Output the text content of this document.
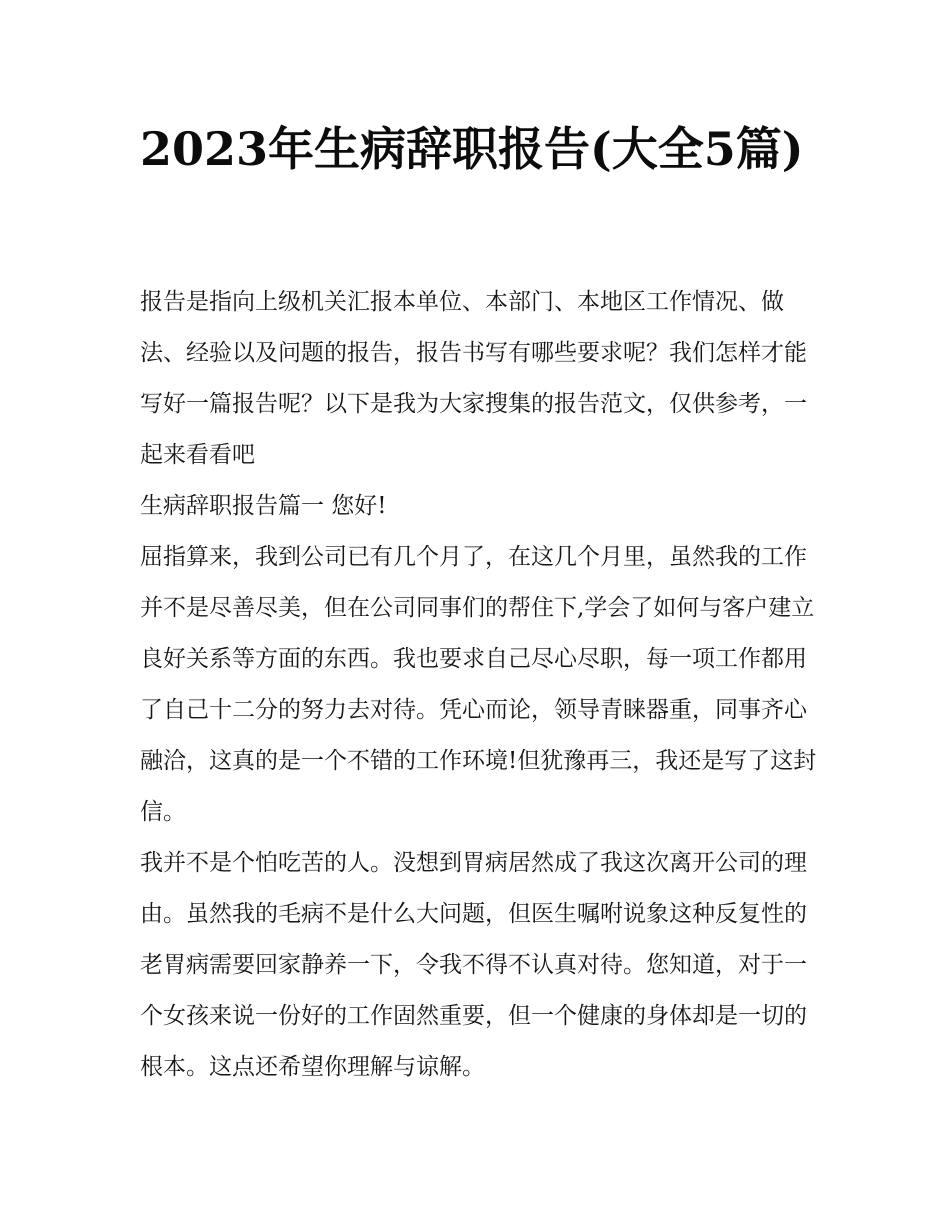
2023年生病辞职报告(大全5篇)

报告是指向上级机关汇报本单位、本部门、本地区工作情况、做法、经验以及问题的报告，报告书写有哪些要求呢？我们怎样才能写好一篇报告呢？以下是我为大家搜集的报告范文，仅供参考，一起来看看吧

生病辞职报告篇一 您好!

屈指算来，我到公司已有几个月了，在这几个月里，虽然我的工作并不是尽善尽美，但在公司同事们的帮住下,学会了如何与客户建立良好关系等方面的东西。我也要求自己尽心尽职，每一项工作都用了自己十二分的努力去对待。凭心而论，领导青睐器重，同事齐心融洽，这真的是一个不错的工作环境!但犹豫再三，我还是写了这封信。

我并不是个怕吃苦的人。没想到胃病居然成了我这次离开公司的理由。虽然我的毛病不是什么大问题，但医生嘱咐说象这种反复性的老胃病需要回家静养一下，令我不得不认真对待。您知道，对于一个女孩来说一份好的工作固然重要，但一个健康的身体却是一切的根本。这点还希望你理解与谅解。
